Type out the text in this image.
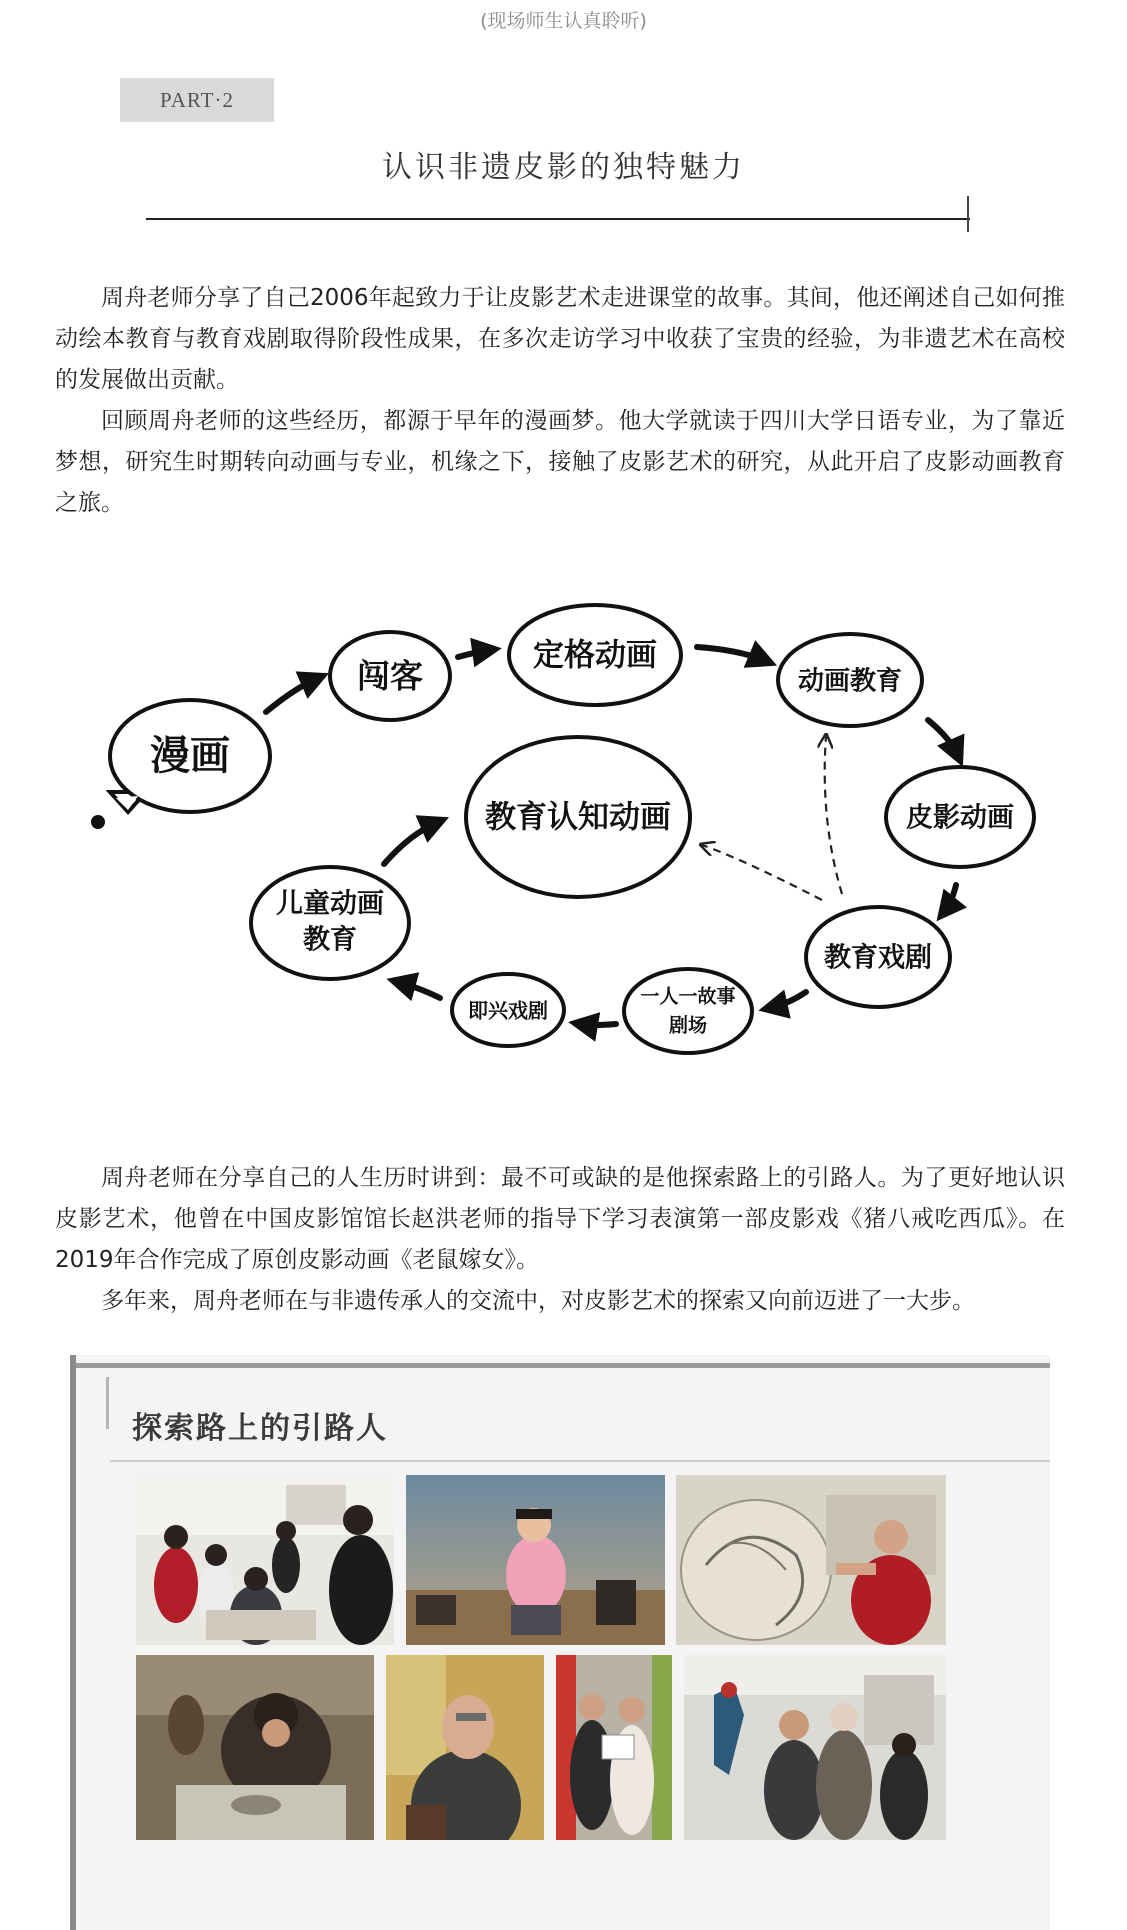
(现场师生认真聆听)
PART·2
认识非遗皮影的独特魅力

周舟老师分享了自己2006年起致力于让皮影艺术走进课堂的故事。其间，他还阐述自己如何推动绘本教育与教育戏剧取得阶段性成果，在多次走访学习中收获了宝贵的经验，为非遗艺术在高校的发展做出贡献。

回顾周舟老师的这些经历，都源于早年的漫画梦。他大学就读于四川大学日语专业，为了靠近梦想，研究生时期转向动画与专业，机缘之下，接触了皮影艺术的研究，从此开启了皮影动画教育之旅。

漫画
闯客
定格动画
动画教育
皮影动画
教育戏剧
一人一故事
剧场
即兴戏剧
儿童动画
教育
教育认知动画

周舟老师在分享自己的人生历时讲到：最不可或缺的是他探索路上的引路人。为了更好地认识皮影艺术，他曾在中国皮影馆馆长赵洪老师的指导下学习表演第一部皮影戏《猪八戒吃西瓜》。在2019年合作完成了原创皮影动画《老鼠嫁女》。

多年来，周舟老师在与非遗传承人的交流中，对皮影艺术的探索又向前迈进了一大步。

探索路上的引路人
